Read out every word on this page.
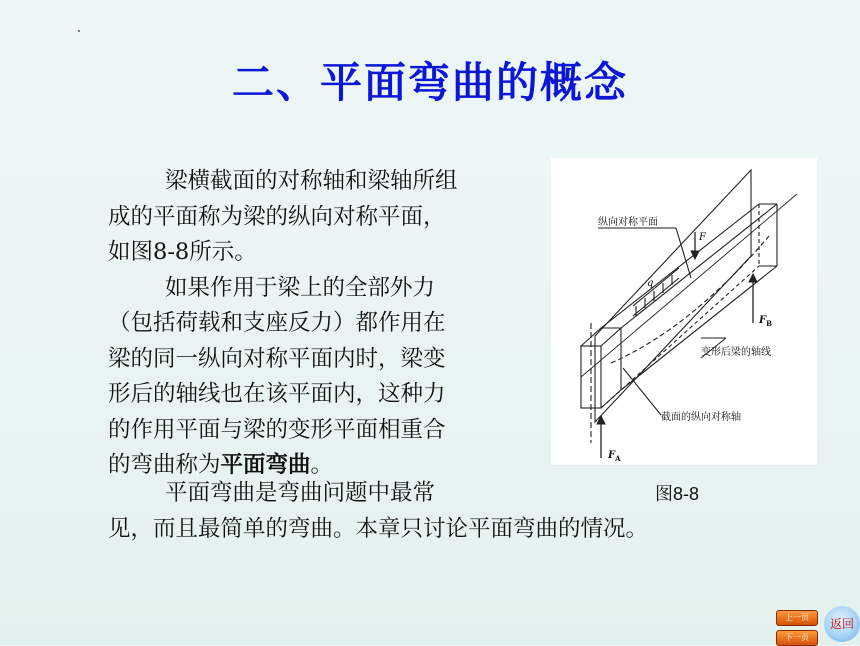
二、平面弯曲的概念

梁横截面的对称轴和梁轴所组

成的平面称为梁的纵向对称平面，

如图8-8所示。

如果作用于梁上的全部外力

（包括荷载和支座反力）都作用在

梁的同一纵向对称平面内时，梁变

形后的轴线也在该平面内，这种力

的作用平面与梁的变形平面相重合

的弯曲称为平面弯曲。

平面弯曲是弯曲问题中最常
见，而且最简单的弯曲。本章只讨论平面弯曲的情况。
纵向对称平面
F
q
$F_B$
变形后梁的轴线
截面的纵向对称轴
$F_A$
图8-8
上一页
下一页
返回
